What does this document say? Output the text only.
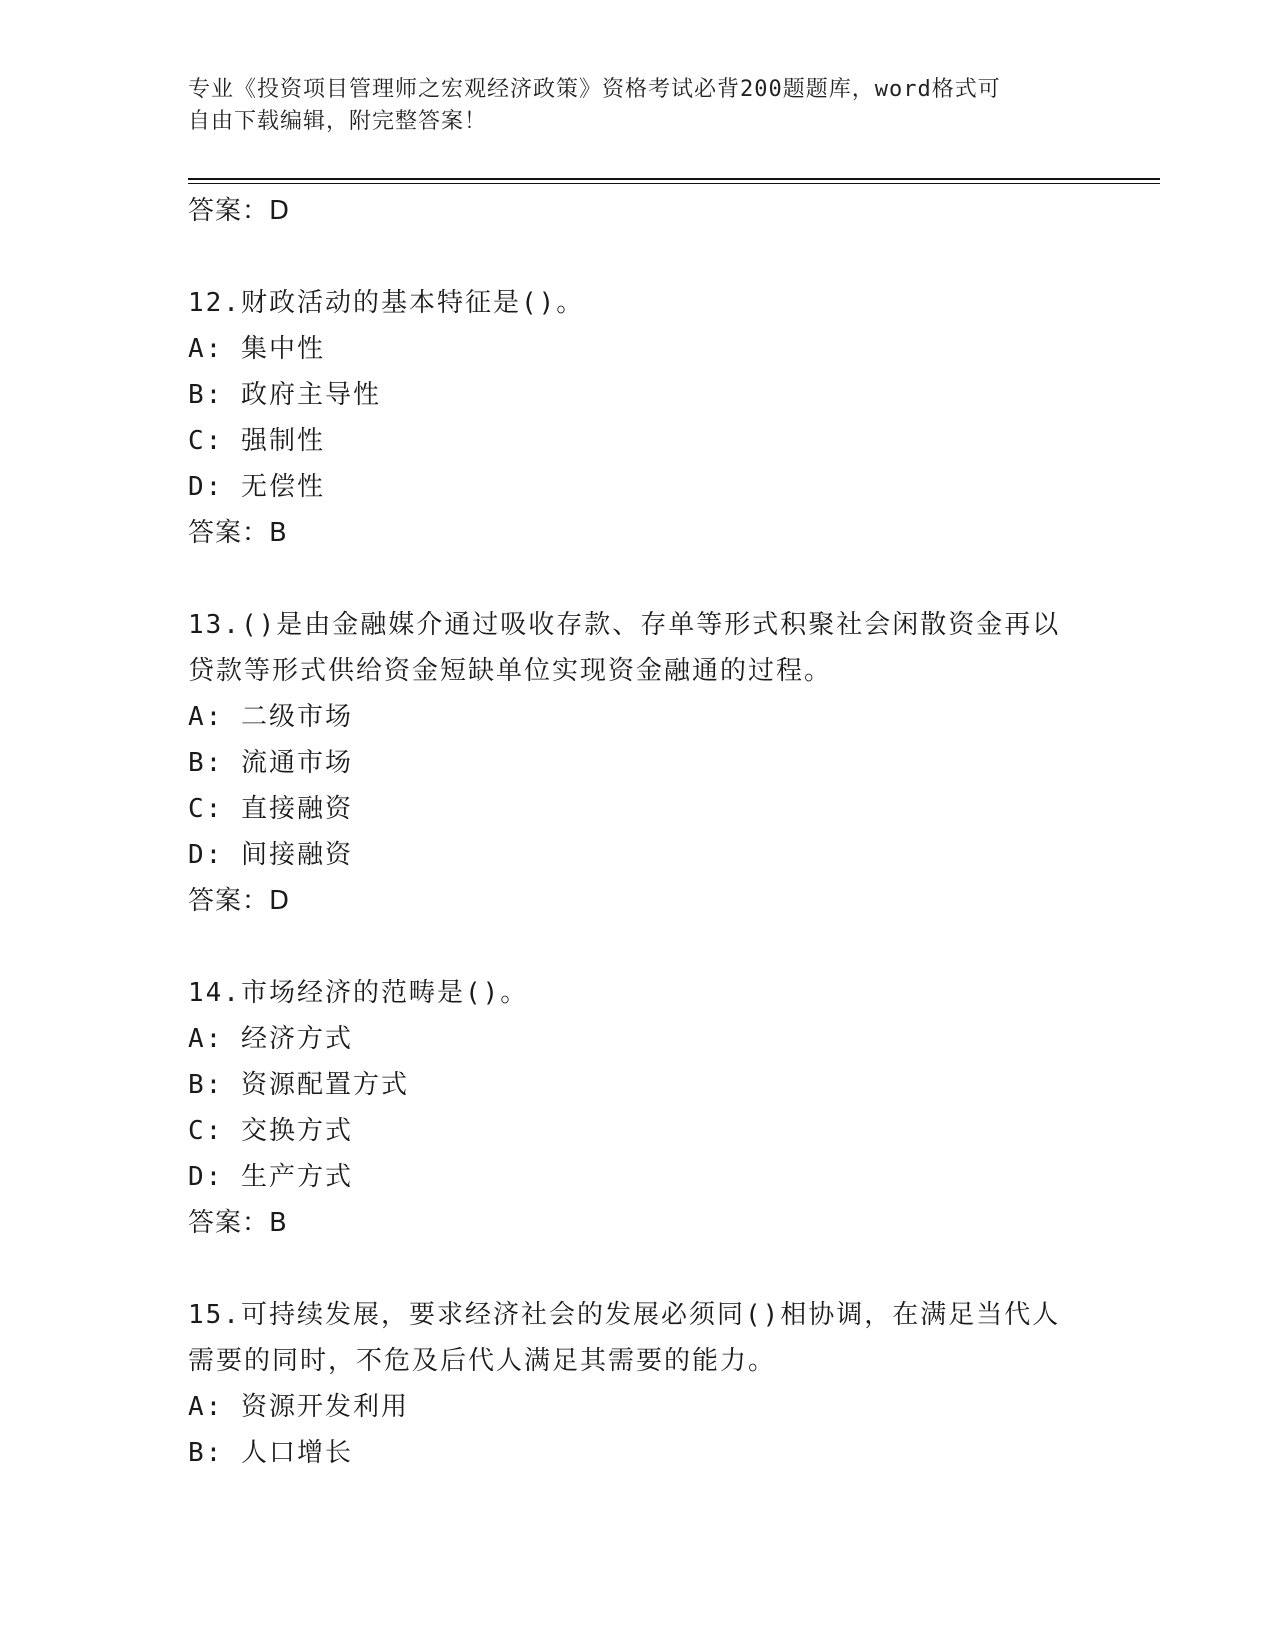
专业《投资项目管理师之宏观经济政策》资格考试必背200题题库，word格式可
自由下载编辑，附完整答案！
答案：D
12.财政活动的基本特征是()。
A: 集中性
B: 政府主导性
C: 强制性
D: 无偿性
答案：B
13.()是由金融媒介通过吸收存款、存单等形式积聚社会闲散资金再以
贷款等形式供给资金短缺单位实现资金融通的过程。
A: 二级市场
B: 流通市场
C: 直接融资
D: 间接融资
答案：D
14.市场经济的范畴是()。
A: 经济方式
B: 资源配置方式
C: 交换方式
D: 生产方式
答案：B
15.可持续发展，要求经济社会的发展必须同()相协调，在满足当代人
需要的同时，不危及后代人满足其需要的能力。
A: 资源开发利用
B: 人口增长
